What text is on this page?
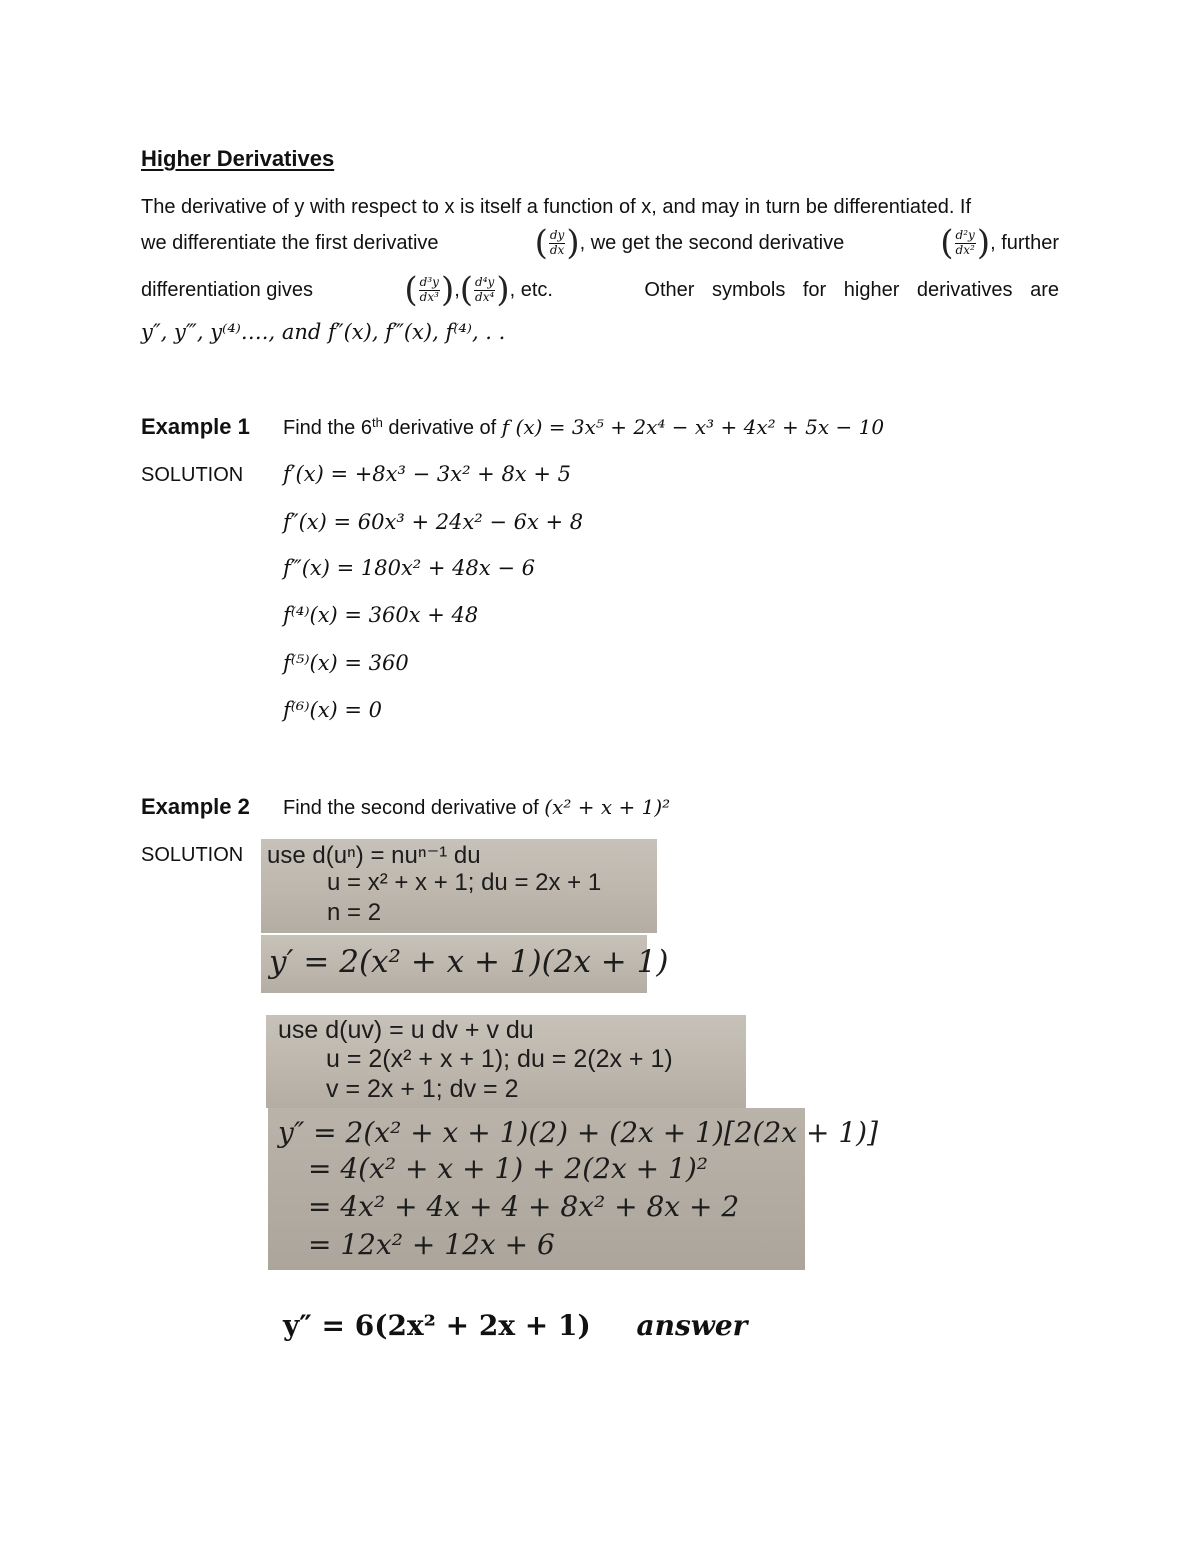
Higher Derivatives
The derivative of y with respect to x is itself a function of x, and may in turn be differentiated. If
we differentiate the first derivative	( $\frac{dy}{dx}$ ) , we get the second derivative	( $\frac{\text{d²y}}{\text{dx²}}$ ) , further
differentiation gives	( $\frac{\text{d³y}}{\text{dx³}}$ ) , ( $\frac{\text{d⁴y}}{\text{dx⁴}}$ ) , etc.	Other symbols for higher derivatives are
y″, y‴, y⁽⁴⁾…., and f″(x), f‴(x), f⁽⁴⁾, . .
Example 1 Find the 6th derivative of f (x) = 3x⁵ + 2x⁴ − x³ + 4x² + 5x − 10
SOLUTION f′(x) = +8x³ − 3x² + 8x + 5
f″(x) = 60x³ + 24x² − 6x + 8
f‴(x) = 180x² + 48x − 6
f⁽⁴⁾(x) = 360x + 48
f⁽⁵⁾(x) = 360
f⁽⁶⁾(x) = 0
Example 2 Find the second derivative of (x² + x + 1)²
SOLUTION use d(uⁿ) = nuⁿ⁻¹ du
u = x² + x + 1; du = 2x + 1
n = 2
y′ = 2(x² + x + 1)(2x + 1)
use d(uv) = u dv + v du
u = 2(x² + x + 1); du = 2(2x + 1)
v = 2x + 1; dv = 2
y″ = 2(x² + x + 1)(2) + (2x + 1)[2(2x + 1)]
= 4(x² + x + 1) + 2(2x + 1)²
= 4x² + 4x + 4 + 8x² + 8x + 2
= 12x² + 12x + 6
y″ = 6(2x² + 2x + 1) answer
